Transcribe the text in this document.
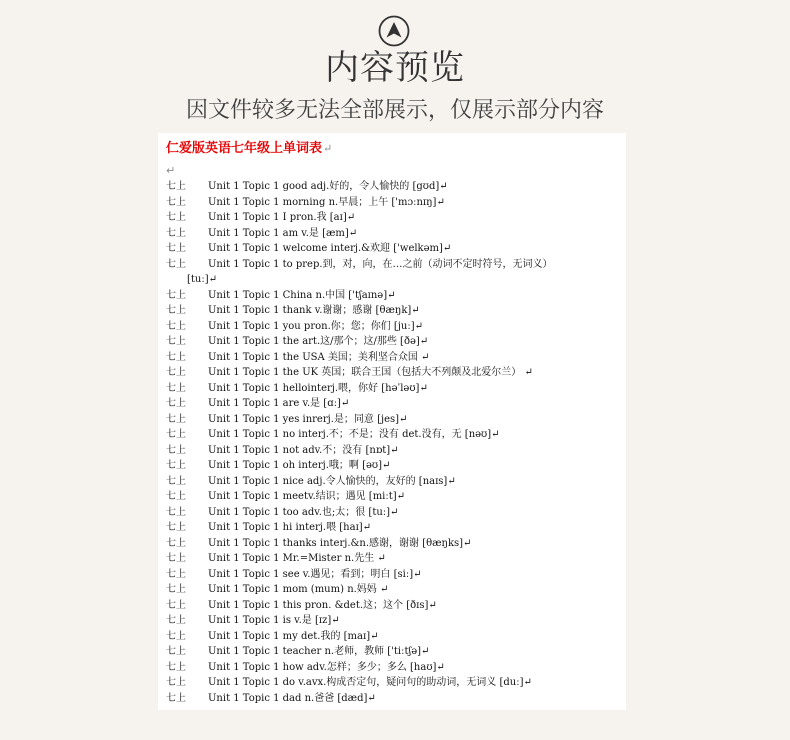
内容预览
因文件较多无法全部展示，仅展示部分内容
仁爱版英语七年级上单词表↵
↵
七上	Unit 1 Topic 1 good adj.好的，令人愉快的 [gʊd]↵
七上	Unit 1 Topic 1 morning n.早晨；上午 ['mɔːnɪŋ]↵
七上	Unit 1 Topic 1 I pron.我 [aɪ]↵
七上	Unit 1 Topic 1 am v.是 [æm]↵
七上	Unit 1 Topic 1 welcome interj.&欢迎 ['welkəm]↵
七上	Unit 1 Topic 1 to prep.到，对，向，在…之前（动词不定时符号，无词义）
[tuː]↵
七上	Unit 1 Topic 1 China n.中国 ['tʃaɪnə]↵
七上	Unit 1 Topic 1 thank v.谢谢；感谢 [θæŋk]↵
七上	Unit 1 Topic 1 you pron.你；您；你们 [juː]↵
七上	Unit 1 Topic 1 the art.这/那个；这/那些 [ðə]↵
七上	Unit 1 Topic 1 the USA 美国；美利坚合众国 ↵
七上	Unit 1 Topic 1 the UK 英国；联合王国（包括大不列颠及北爱尔兰） ↵
七上	Unit 1 Topic 1 hellointerj.喂，你好 [həˈləʊ]↵
七上	Unit 1 Topic 1 are v.是 [ɑː]↵
七上	Unit 1 Topic 1 yes inrerj.是；同意 [jes]↵
七上	Unit 1 Topic 1 no interj.不；不是；没有 det.没有，无 [nəʊ]↵
七上	Unit 1 Topic 1 not adv.不；没有 [nɒt]↵
七上	Unit 1 Topic 1 oh interj.哦；啊 [əʊ]↵
七上	Unit 1 Topic 1 nice adj.令人愉快的，友好的 [naɪs]↵
七上	Unit 1 Topic 1 meetv.结识；遇见 [miːt]↵
七上	Unit 1 Topic 1 too adv.也;太；很 [tuː]↵
七上	Unit 1 Topic 1 hi interj.喂 [haɪ]↵
七上	Unit 1 Topic 1 thanks interj.&n.感谢，谢谢 [θæŋks]↵
七上	Unit 1 Topic 1 Mr.=Mister n.先生 ↵
七上	Unit 1 Topic 1 see v.遇见；看到；明白 [siː]↵
七上	Unit 1 Topic 1 mom (mum) n.妈妈 ↵
七上	Unit 1 Topic 1 this pron. &det.这；这个 [ðɪs]↵
七上	Unit 1 Topic 1 is v.是 [ɪz]↵
七上	Unit 1 Topic 1 my det.我的 [maɪ]↵
七上	Unit 1 Topic 1 teacher n.老师，教师 ['tiːtʃə]↵
七上	Unit 1 Topic 1 how adv.怎样；多少；多么 [haʊ]↵
七上	Unit 1 Topic 1 do v.avx.构成否定句，疑问句的助动词，无词义 [duː]↵
七上	Unit 1 Topic 1 dad n.爸爸 [dæd]↵
